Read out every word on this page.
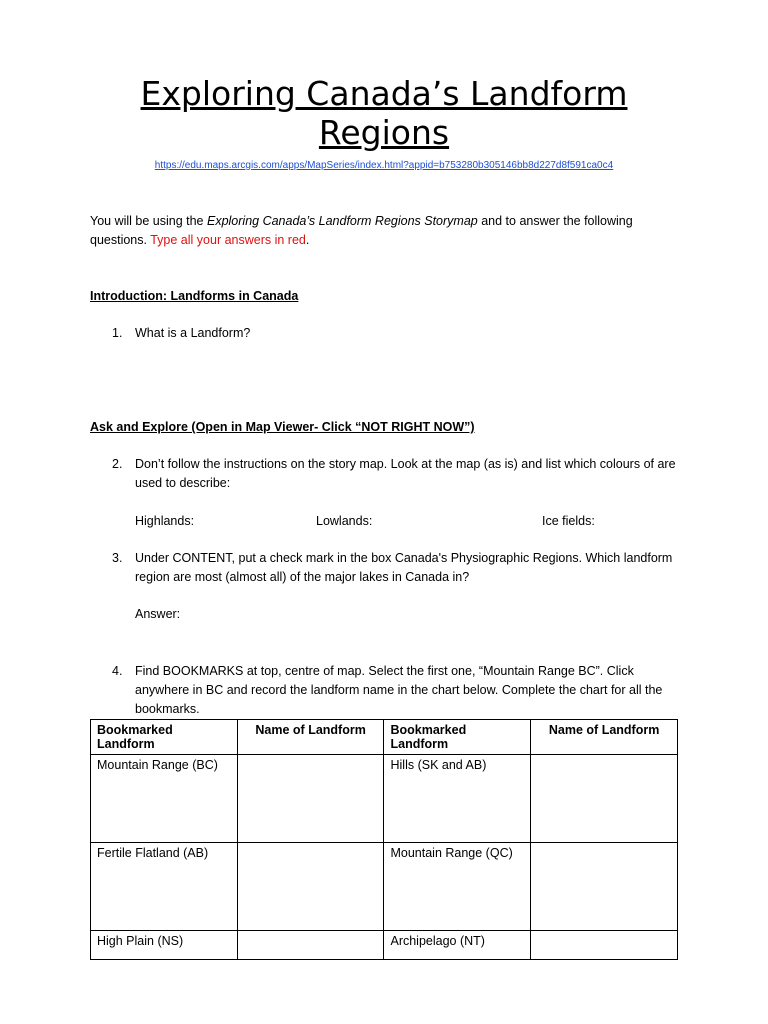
Exploring Canada’s Landform Regions
https://edu.maps.arcgis.com/apps/MapSeries/index.html?appid=b753280b305146bb8d227d8f591ca0c4
You will be using the Exploring Canada’s Landform Regions Storymap and to answer the following questions. Type all your answers in red.
Introduction: Landforms in Canada
1. What is a Landform?
Ask and Explore (Open in Map Viewer- Click “NOT RIGHT NOW”)
2. Don’t follow the instructions on the story map. Look at the map (as is) and list which colours of are used to describe:
Highlands:	Lowlands:	Ice fields:
3. Under CONTENT, put a check mark in the box Canada's Physiographic Regions. Which landform region are most (almost all) of the major lakes in Canada in?
Answer:
4. Find BOOKMARKS at top, centre of map. Select the first one, “Mountain Range BC”. Click anywhere in BC and record the landform name in the chart below. Complete the chart for all the bookmarks.
Bookmarked Landform	Name of Landform	Bookmarked Landform	Name of Landform
Mountain Range (BC)		Hills (SK and AB)	
Fertile Flatland (AB)		Mountain Range (QC)	
High Plain (NS)		Archipelago (NT)	
